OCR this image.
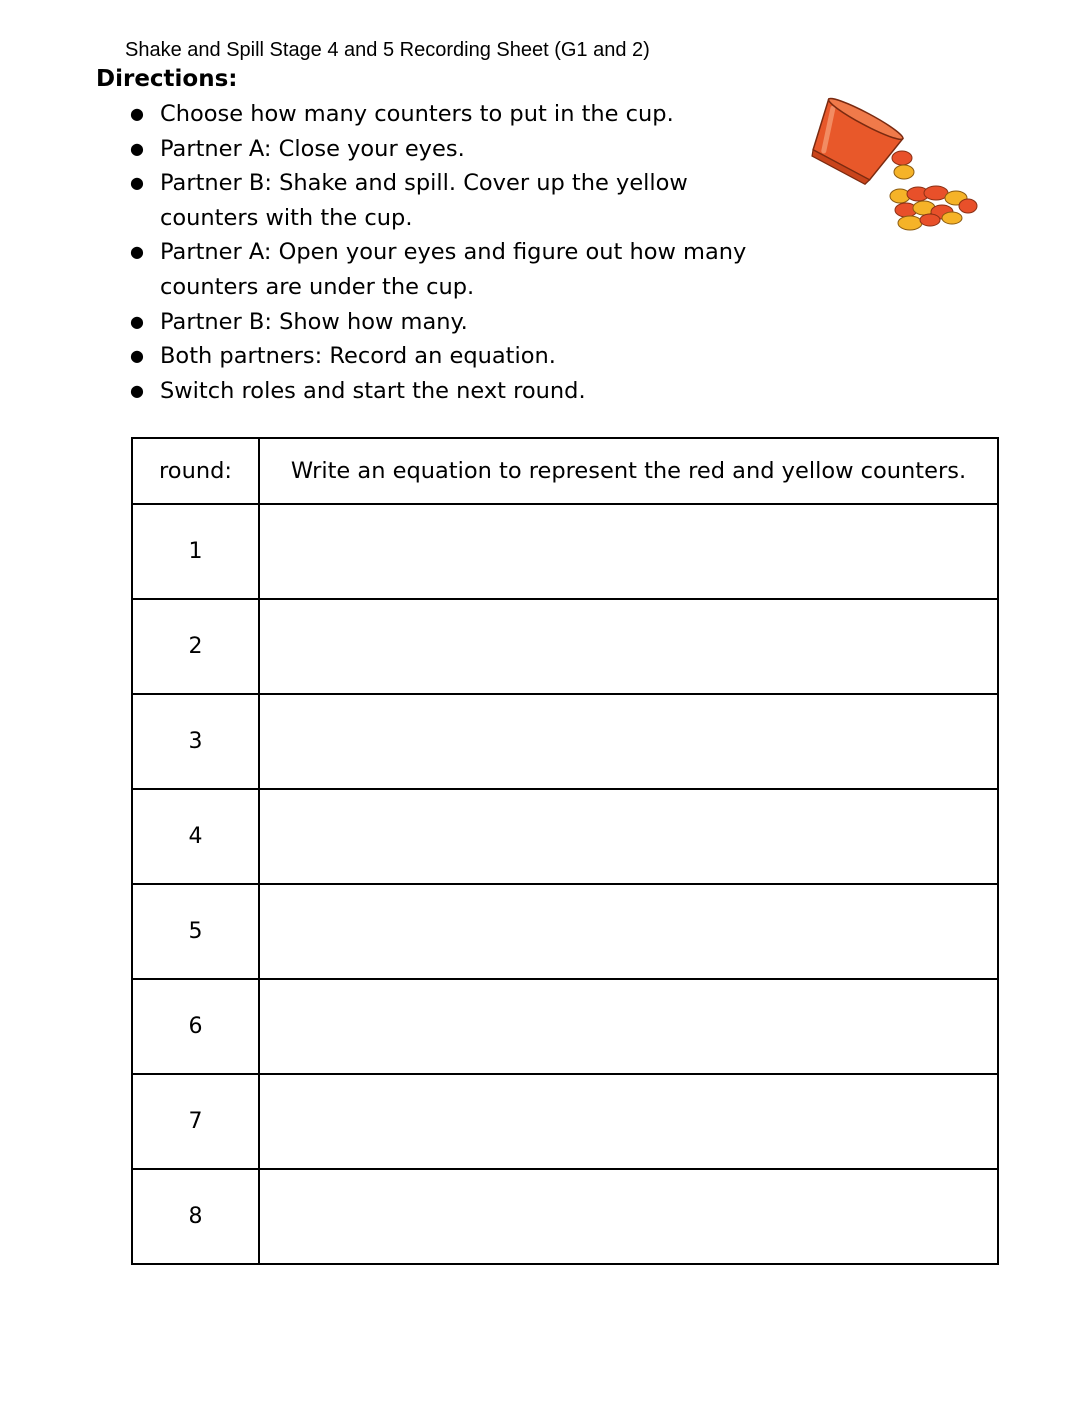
Shake and Spill Stage 4 and 5 Recording Sheet (G1 and 2)
Directions:
● Choose how many counters to put in the cup.
● Partner A: Close your eyes.
● Partner B: Shake and spill. Cover up the yellow
counters with the cup.
● Partner A: Open your eyes and figure out how many
counters are under the cup.
● Partner B: Show how many.
● Both partners: Record an equation.
● Switch roles and start the next round.
round:	Write an equation to represent the red and yellow counters.
1	
2	
3	
4	
5	
6	
7	
8	
